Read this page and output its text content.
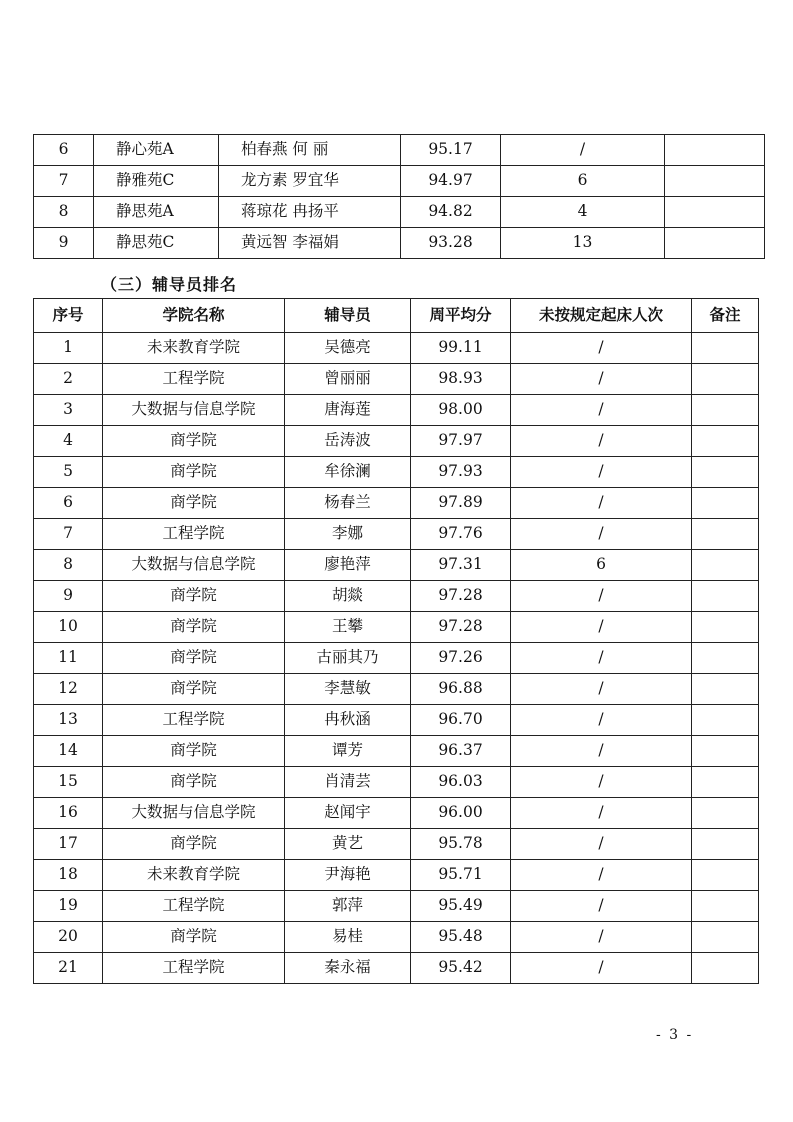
6	静心苑A	柏春燕 何 丽	95.17	/	
7	静雅苑C	龙方素 罗宜华	94.97	6	
8	静思苑A	蒋琼花 冉扬平	94.82	4	
9	静思苑C	黄远智 李福娟	93.28	13	
（三）辅导员排名
序号	学院名称	辅导员	周平均分	未按规定起床人次	备注
1	未来教育学院	吴德亮	99.11	/	
2	工程学院	曾丽丽	98.93	/	
3	大数据与信息学院	唐海莲	98.00	/	
4	商学院	岳涛波	97.97	/	
5	商学院	牟徐澜	97.93	/	
6	商学院	杨春兰	97.89	/	
7	工程学院	李娜	97.76	/	
8	大数据与信息学院	廖艳萍	97.31	6	
9	商学院	胡燚	97.28	/	
10	商学院	王攀	97.28	/	
11	商学院	古丽其乃	97.26	/	
12	商学院	李慧敏	96.88	/	
13	工程学院	冉秋涵	96.70	/	
14	商学院	谭芳	96.37	/	
15	商学院	肖清芸	96.03	/	
16	大数据与信息学院	赵闻宇	96.00	/	
17	商学院	黄艺	95.78	/	
18	未来教育学院	尹海艳	95.71	/	
19	工程学院	郭萍	95.49	/	
20	商学院	易桂	95.48	/	
21	工程学院	秦永福	95.42	/	
- 3 -
